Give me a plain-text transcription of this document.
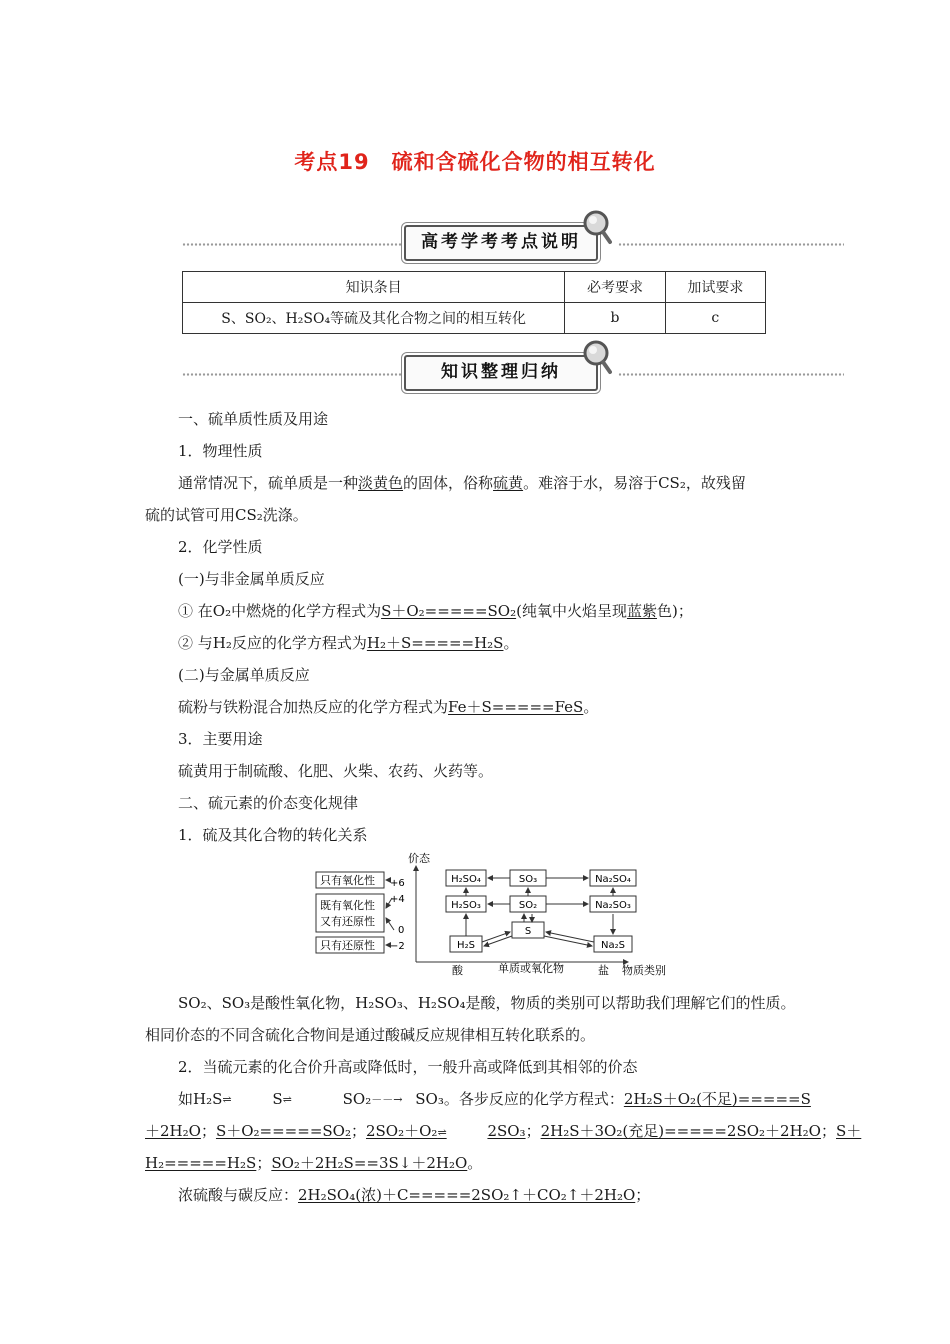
考点19　硫和含硫化合物的相互转化
高考学考考点说明
知识条目	必考要求	加试要求
S、SO₂、H₂SO₄等硫及其化合物之间的相互转化	b	c
知识整理归纳
一、硫单质性质及用途
1．物理性质
通常情况下，硫单质是一种淡黄色的固体，俗称硫黄。难溶于水，易溶于CS₂，故残留
硫的试管可用CS₂洗涤。
2．化学性质
(一)与非金属单质反应
① 在O₂中燃烧的化学方程式为S＋O₂=====SO₂(纯氧中火焰呈现蓝紫色)；
② 与H₂反应的化学方程式为H₂＋S=====H₂S。
(二)与金属单质反应
硫粉与铁粉混合加热反应的化学方程式为Fe＋S=====FeS。
3．主要用途
硫黄用于制硫酸、化肥、火柴、农药、火药等。
二、硫元素的价态变化规律
1．硫及其化合物的转化关系
价态
物质类别
+6
+4
0
−2
酸	单质或氧化物	盐
只有氧化性
既有氧化性
又有还原性
只有还原性
H₂SO₄
H₂SO₃
H₂S
SO₃
SO₂
S
Na₂SO₄
Na₂SO₃
Na₂S
SO₂、SO₃是酸性氧化物，H₂SO₃、H₂SO₄是酸，物质的类别可以帮助我们理解它们的性质。
相同价态的不同含硫化合物间是通过酸碱反应规律相互转化联系的。
2．当硫元素的化合价升高或降低时，一般升高或降低到其相邻的价态
如H₂S⇌	S⇌	SO₂－－→ SO₃。各步反应的化学方程式：2H₂S＋O₂(不足)=====S
＋2H₂O；S＋O₂=====SO₂；2SO₂＋O₂⇌	2SO₃；2H₂S＋3O₂(充足)=====2SO₂＋2H₂O；S＋
H₂=====H₂S；SO₂＋2H₂S==3S↓＋2H₂O。
浓硫酸与碳反应：2H₂SO₄(浓)＋C=====2SO₂↑＋CO₂↑＋2H₂O；
